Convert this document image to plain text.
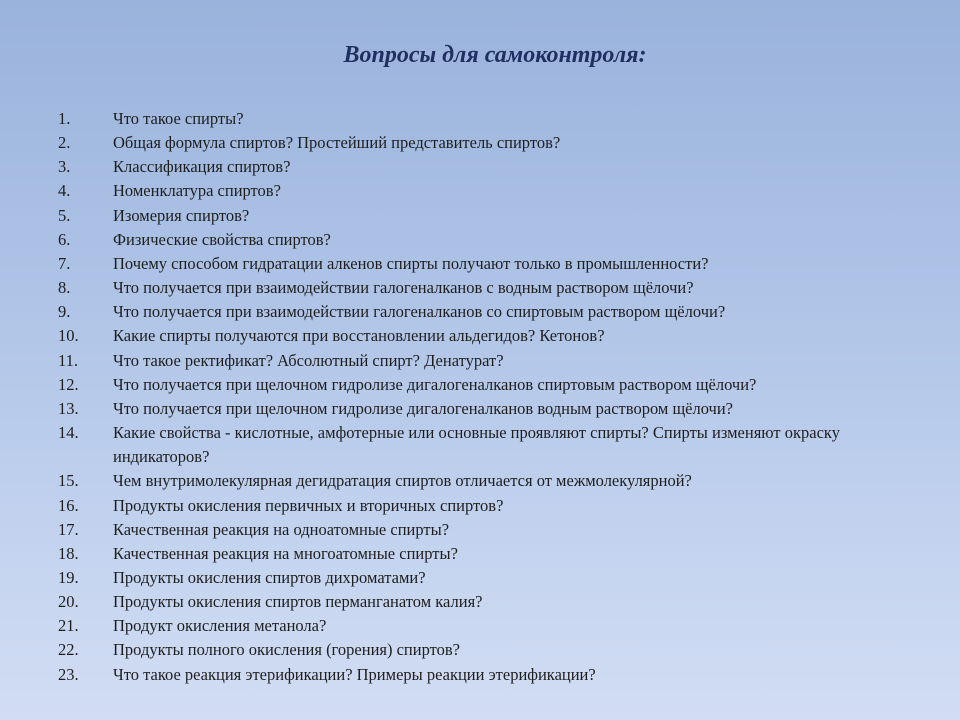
Вопросы для самоконтроля:
1.	Что такое спирты?
2.	Общая формула спиртов? Простейший представитель спиртов?
3.	Классификация спиртов?
4.	Номенклатура спиртов?
5.	Изомерия спиртов?
6.	Физические свойства спиртов?
7.	Почему способом гидратации алкенов спирты получают только в промышленности?
8.	Что получается при взаимодействии галогеналканов с водным раствором щёлочи?
9.	Что получается при взаимодействии галогеналканов со спиртовым раствором щёлочи?
10.	Какие спирты получаются при восстановлении альдегидов? Кетонов?
11.	Что такое ректификат? Абсолютный спирт? Денатурат?
12.	Что получается при щелочном гидролизе дигалогеналканов спиртовым раствором щёлочи?
13.	Что получается при щелочном гидролизе дигалогеналканов водным раствором щёлочи?
14.	Какие свойства - кислотные, амфотерные или основные проявляют спирты? Спирты изменяют окраску индикаторов?
15.	Чем внутримолекулярная дегидратация спиртов отличается от межмолекулярной?
16.	Продукты окисления первичных и вторичных спиртов?
17.	Качественная реакция на одноатомные спирты?
18.	Качественная реакция на многоатомные спирты?
19.	Продукты окисления спиртов дихроматами?
20.	Продукты окисления спиртов перманганатом калия?
21.	Продукт окисления метанола?
22.	Продукты полного окисления (горения) спиртов?
23.	Что такое реакция этерификации? Примеры реакции этерификации?
